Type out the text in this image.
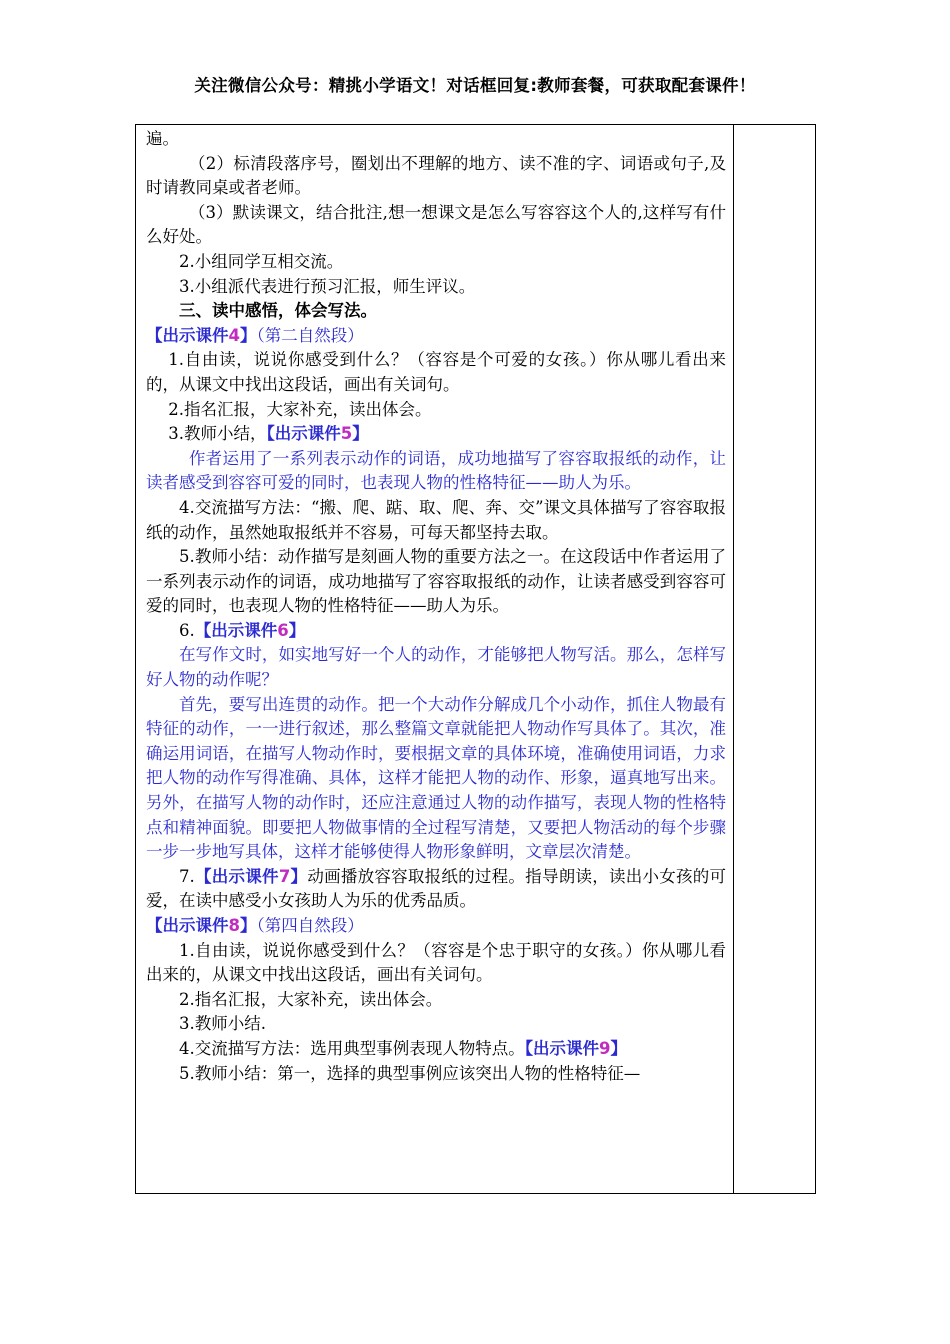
关注微信公众号：精挑小学语文！对话框回复:教师套餐，可获取配套课件！

遍。

（2）标清段落序号，圈划出不理解的地方、读不准的字、词语或句子,及时请教同桌或者老师。

（3）默读课文，结合批注,想一想课文是怎么写容容这个人的,这样写有什么好处。

2.小组同学互相交流。

3.小组派代表进行预习汇报，师生评议。

三、读中感悟，体会写法。

【出示课件4】（第二自然段）

1.自由读，说说你感受到什么？（容容是个可爱的女孩。）你从哪儿看出来的，从课文中找出这段话，画出有关词句。

2.指名汇报，大家补充，读出体会。

3.教师小结，【出示课件5】

作者运用了一系列表示动作的词语，成功地描写了容容取报纸的动作，让读者感受到容容可爱的同时，也表现人物的性格特征——助人为乐。

4.交流描写方法：“搬、爬、踮、取、爬、奔、交”课文具体描写了容容取报纸的动作，虽然她取报纸并不容易，可每天都坚持去取。

5.教师小结：动作描写是刻画人物的重要方法之一。在这段话中作者运用了一系列表示动作的词语，成功地描写了容容取报纸的动作，让读者感受到容容可爱的同时，也表现人物的性格特征——助人为乐。

6.【出示课件6】

在写作文时，如实地写好一个人的动作，才能够把人物写活。那么，怎样写好人物的动作呢？

首先，要写出连贯的动作。把一个大动作分解成几个小动作，抓住人物最有特征的动作，一一进行叙述，那么整篇文章就能把人物动作写具体了。其次，准确运用词语，在描写人物动作时，要根据文章的具体环境，准确使用词语，力求把人物的动作写得准确、具体，这样才能把人物的动作、形象，逼真地写出来。另外，在描写人物的动作时，还应注意通过人物的动作描写，表现人物的性格特点和精神面貌。即要把人物做事情的全过程写清楚，又要把人物活动的每个步骤一步一步地写具体，这样才能够使得人物形象鲜明，文章层次清楚。

7.【出示课件7】动画播放容容取报纸的过程。指导朗读，读出小女孩的可爱，在读中感受小女孩助人为乐的优秀品质。

【出示课件8】（第四自然段）

1.自由读，说说你感受到什么？（容容是个忠于职守的女孩。）你从哪儿看出来的，从课文中找出这段话，画出有关词句。

2.指名汇报，大家补充，读出体会。

3.教师小结.

4.交流描写方法：选用典型事例表现人物特点。【出示课件9】

5.教师小结：第一，选择的典型事例应该突出人物的性格特征—
